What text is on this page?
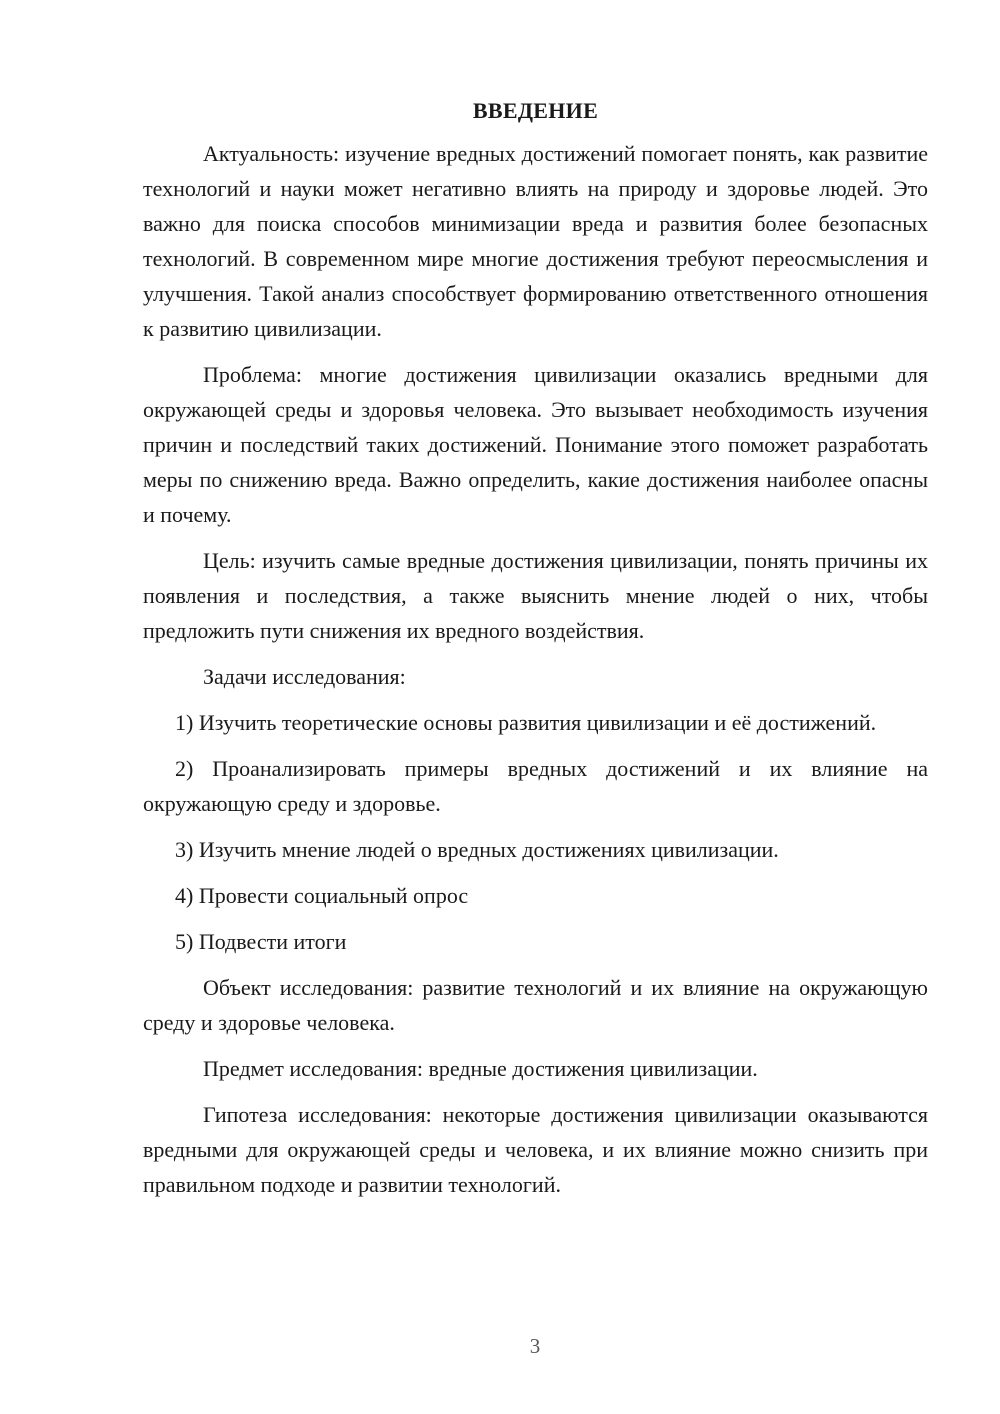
ВВЕДЕНИЕ

Актуальность: изучение вредных достижений помогает понять, как развитие технологий и науки может негативно влиять на природу и здоровье людей. Это важно для поиска способов минимизации вреда и развития более безопасных технологий. В современном мире многие достижения требуют переосмысления и улучшения. Такой анализ способствует формированию ответственного отношения к развитию цивилизации.

Проблема: многие достижения цивилизации оказались вредными для окружающей среды и здоровья человека. Это вызывает необходимость изучения причин и последствий таких достижений. Понимание этого поможет разработать меры по снижению вреда. Важно определить, какие достижения наиболее опасны и почему.

Цель: изучить самые вредные достижения цивилизации, понять причины их появления и последствия, а также выяснить мнение людей о них, чтобы предложить пути снижения их вредного воздействия.

Задачи исследования:

1) Изучить теоретические основы развития цивилизации и её достижений.

2) Проанализировать примеры вредных достижений и их влияние на окружающую среду и здоровье.

3) Изучить мнение людей о вредных достижениях цивилизации.

4) Провести социальный опрос

5) Подвести итоги

Объект исследования: развитие технологий и их влияние на окружающую среду и здоровье человека.

Предмет исследования: вредные достижения цивилизации.

Гипотеза исследования: некоторые достижения цивилизации оказываются вредными для окружающей среды и человека, и их влияние можно снизить при правильном подходе и развитии технологий.

3
